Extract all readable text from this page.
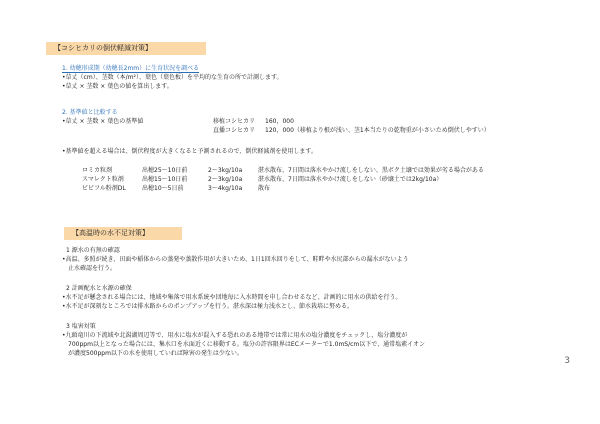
【コシヒカリの倒伏軽減対策】
1. 幼穂形成期（幼穂長2mm）に生育状況を調べる
•草丈（cm）、茎数（本/m²）、葉色（葉色板）を平均的な生育の所で計測します。
•草丈 × 茎数 × 葉色の値を算出します。
2. 基準値と比較する
•草丈 × 茎数 × 葉色の基準値	移植コシヒカリ 160，000
直播コシヒカリ 120，000（移植より根が浅い、茎1本当たりの乾物重が小さいため倒伏しやすい）
•基準値を超える場合は、倒伏程度が大きくなると予測されるので、倒伏軽減剤を使用します。
ロミカ粒剤	出穂25～10日前	2～3kg/10a	湛水散布、7日間は落水やかけ流しをしない、黒ボク土壌では効果が劣る場合がある
スマレクト粒剤	出穂15～10日前	2～3kg/10a	湛水散布、7日間は落水やかけ流しをしない（砂壌土では2kg/10a）
ビビフル粉剤DL	出穂10～5日前	3～4kg/10a	散布
【高温時の水不足対策】
1 源水の有無の確認
•高温、多照が続き、田面や稲体からの蒸発や蒸散作用が大きいため、1日1回水回りをして、畦畔や水尻部からの漏水がないよう
止水確認を行う。
2 計画配水と水源の確保
•水不足が懸念される場合には、地域や集落で用水系統や団地毎に入水時間を申し合わせるなど、計画的に用水の供給を行う。
•水不足が深刻なところでは排水路からのポンプアップを行う。湛水深は極力浅水とし、節水栽培に努める。
3 塩害対策
•九頭竜川の下流域や北潟湖周辺等で、用水に塩水が混入する恐れのある地帯では常に用水の塩分濃度をチェックし、塩分濃度が
700ppm以上となった場合には、集水口を水面近くに移動する。塩分の許容限界はECメーターで1.0mS/cm以下で、通常塩素イオン
が濃度500ppm以下の水を使用していれば障害の発生は少ない。
3
